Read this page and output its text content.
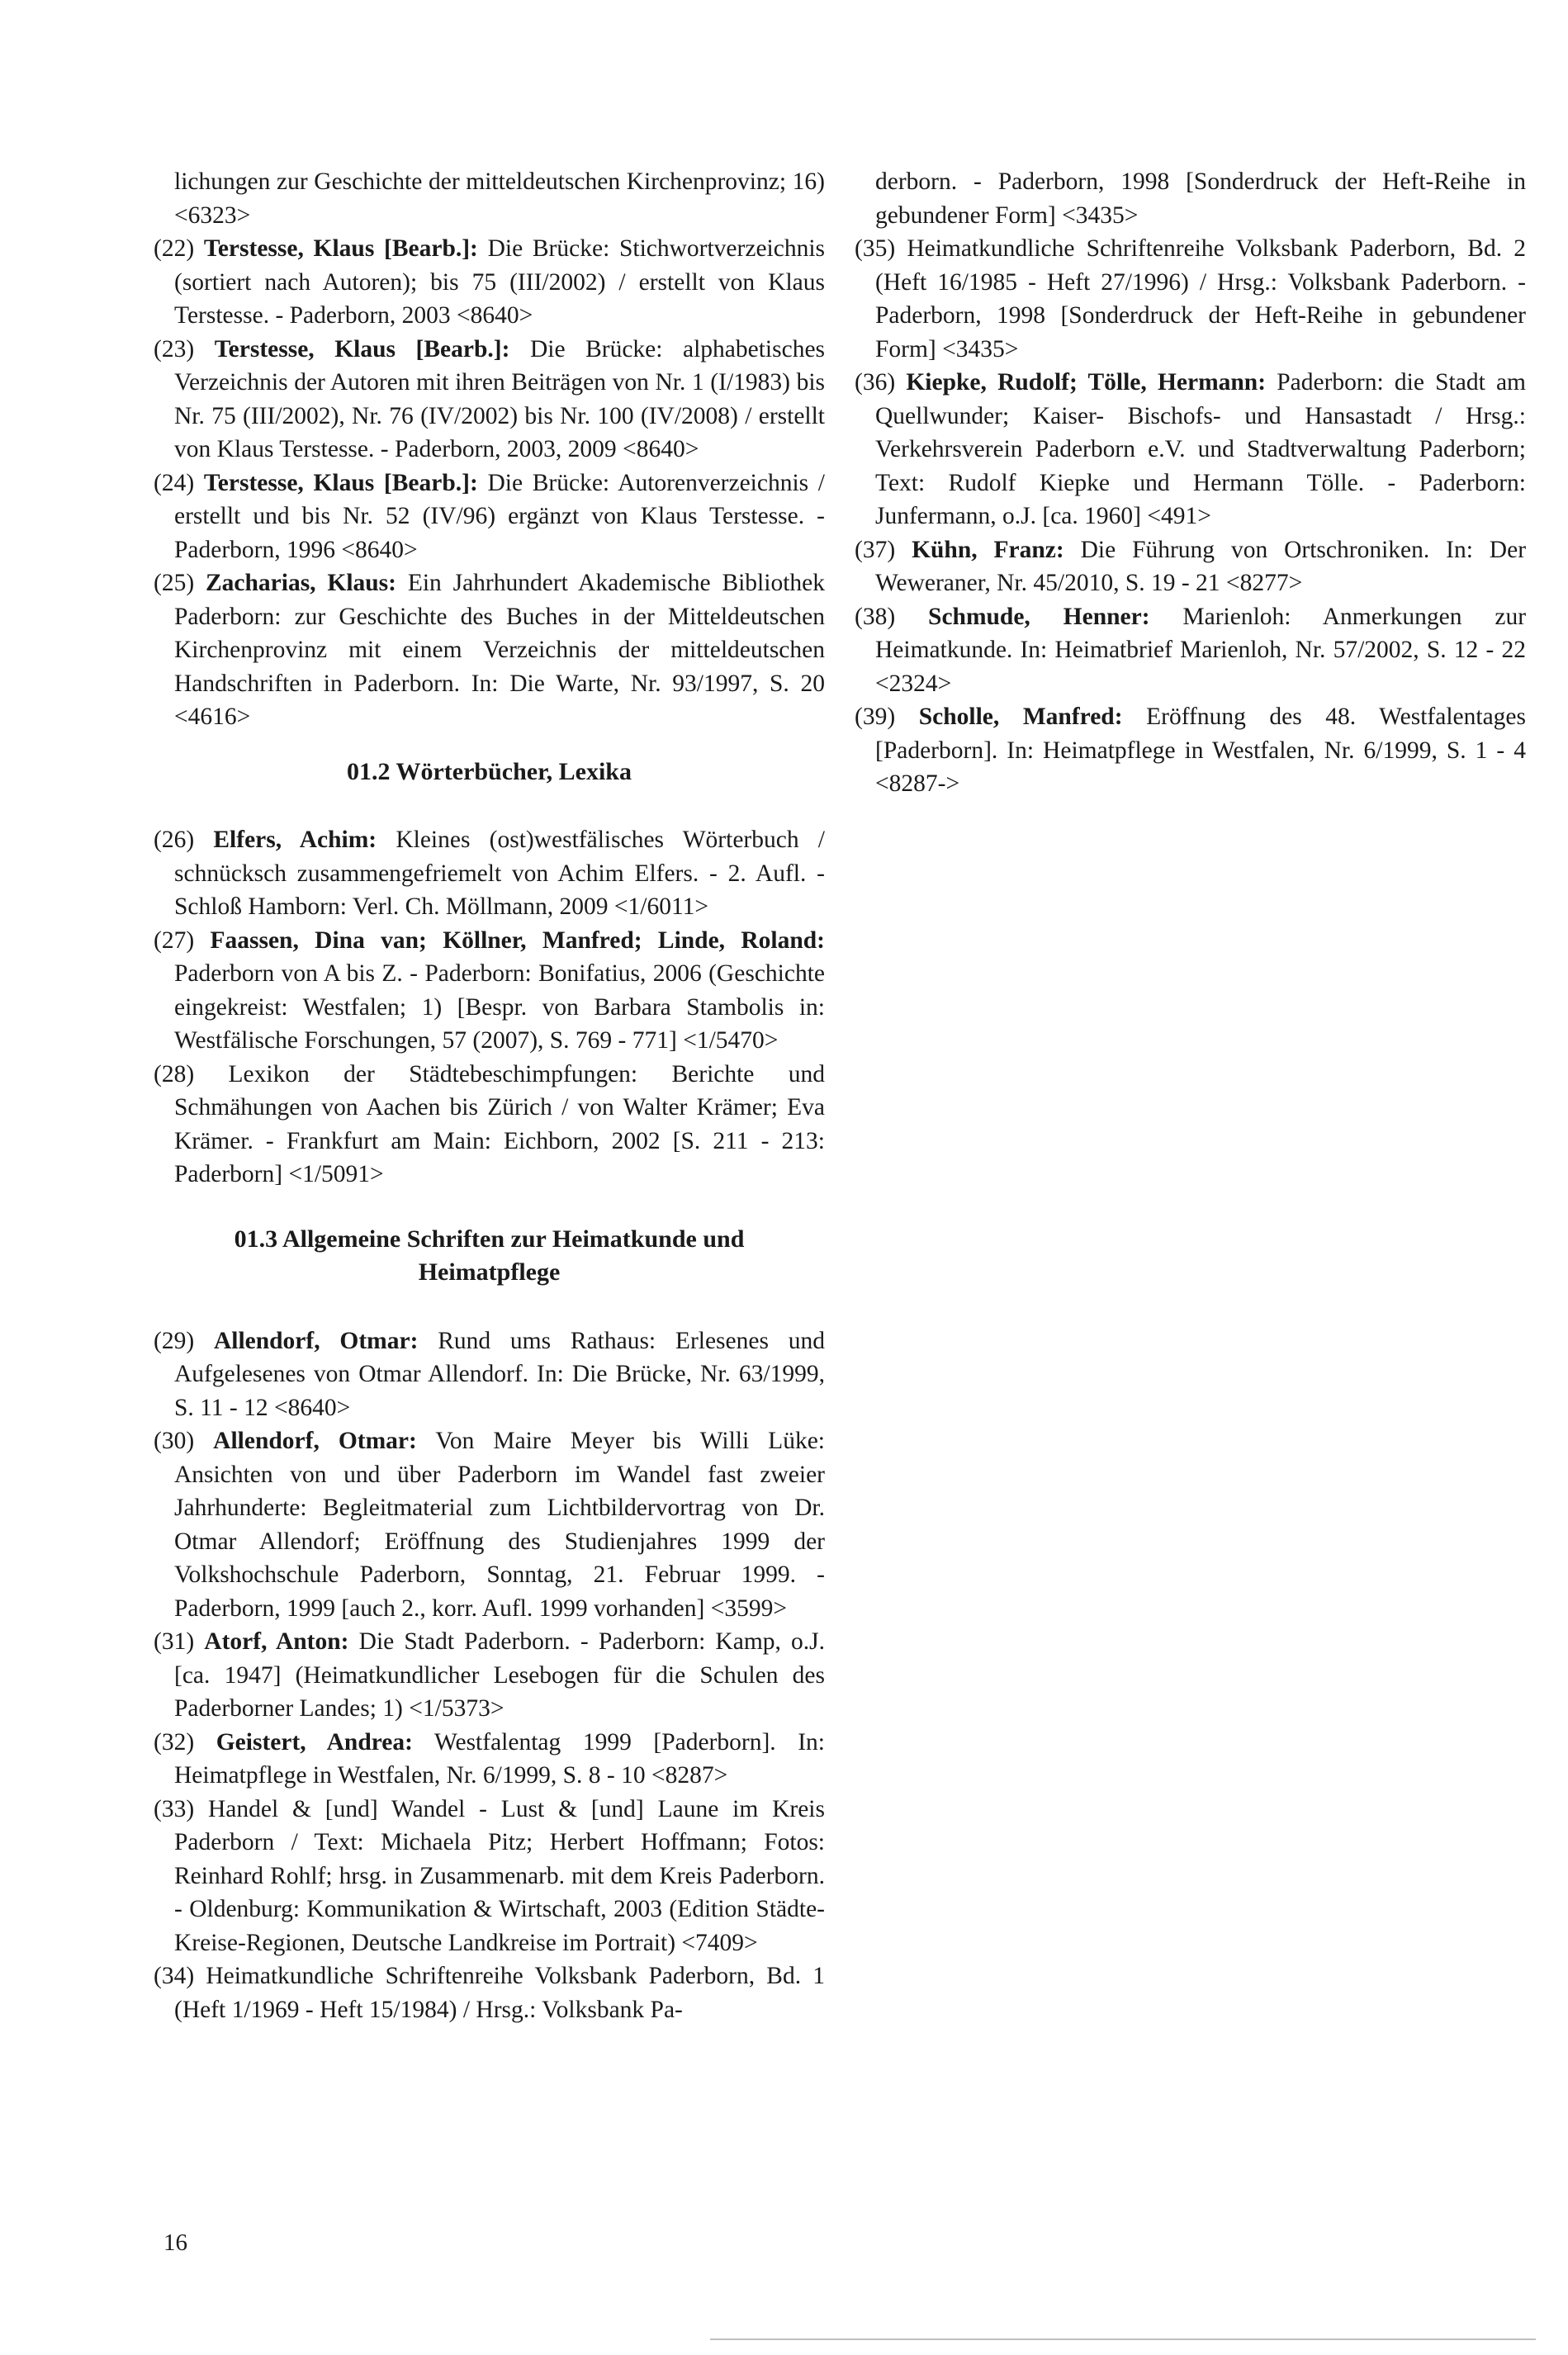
lichungen zur Geschichte der mitteldeutschen Kirchenprovinz; 16) <6323>

(22) Terstesse, Klaus [Bearb.]: Die Brücke: Stichwortverzeichnis (sortiert nach Autoren); bis 75 (III/2002) / erstellt von Klaus Terstesse. - Paderborn, 2003 <8640>

(23) Terstesse, Klaus [Bearb.]: Die Brücke: alphabetisches Verzeichnis der Autoren mit ihren Beiträgen von Nr. 1 (I/1983) bis Nr. 75 (III/2002), Nr. 76 (IV/2002) bis Nr. 100 (IV/2008) / erstellt von Klaus Terstesse. - Paderborn, 2003, 2009 <8640>

(24) Terstesse, Klaus [Bearb.]: Die Brücke: Autorenverzeichnis / erstellt und bis Nr. 52 (IV/96) ergänzt von Klaus Terstesse. - Paderborn, 1996 <8640>

(25) Zacharias, Klaus: Ein Jahrhundert Akademische Bibliothek Paderborn: zur Geschichte des Buches in der Mitteldeutschen Kirchenprovinz mit einem Verzeichnis der mitteldeutschen Handschriften in Paderborn. In: Die Warte, Nr. 93/1997, S. 20 <4616>

01.2 Wörterbücher, Lexika

(26) Elfers, Achim: Kleines (ost)westfälisches Wörterbuch / schnücksch zusammengefriemelt von Achim Elfers. - 2. Aufl. - Schloß Hamborn: Verl. Ch. Möllmann, 2009 <1/6011>

(27) Faassen, Dina van; Köllner, Manfred; Linde, Roland: Paderborn von A bis Z. - Paderborn: Bonifatius, 2006 (Geschichte eingekreist: Westfalen; 1) [Bespr. von Barbara Stambolis in: Westfälische Forschungen, 57 (2007), S. 769 - 771] <1/5470>

(28) Lexikon der Städtebeschimpfungen: Berichte und Schmähungen von Aachen bis Zürich / von Walter Krämer; Eva Krämer. - Frankfurt am Main: Eichborn, 2002 [S. 211 - 213: Paderborn] <1/5091>

01.3 Allgemeine Schriften zur Heimatkunde und
Heimatpflege

(29) Allendorf, Otmar: Rund ums Rathaus: Erlesenes und Aufgelesenes von Otmar Allendorf. In: Die Brücke, Nr. 63/1999, S. 11 - 12 <8640>

(30) Allendorf, Otmar: Von Maire Meyer bis Willi Lüke: Ansichten von und über Paderborn im Wandel fast zweier Jahrhunderte: Begleitmaterial zum Lichtbildervortrag von Dr. Otmar Allendorf; Eröffnung des Studienjahres 1999 der Volkshochschule Paderborn, Sonntag, 21. Februar 1999. - Paderborn, 1999 [auch 2., korr. Aufl. 1999 vorhanden] <3599>

(31) Atorf, Anton: Die Stadt Paderborn. - Paderborn: Kamp, o.J. [ca. 1947] (Heimatkundlicher Lesebogen für die Schulen des Paderborner Landes; 1) <1/5373>

(32) Geistert, Andrea: Westfalentag 1999 [Paderborn]. In: Heimatpflege in Westfalen, Nr. 6/1999, S. 8 - 10 <8287>

(33) Handel & [und] Wandel - Lust & [und] Laune im Kreis Paderborn / Text: Michaela Pitz; Herbert Hoffmann; Fotos: Reinhard Rohlf; hrsg. in Zusammenarb. mit dem Kreis Paderborn. - Oldenburg: Kommunikation & Wirtschaft, 2003 (Edition Städte-Kreise-Regionen, Deutsche Landkreise im Portrait) <7409>

(34) Heimatkundliche Schriftenreihe Volksbank Paderborn, Bd. 1 (Heft 1/1969 - Heft 15/1984) / Hrsg.: Volksbank Pa-

derborn. - Paderborn, 1998 [Sonderdruck der Heft-Reihe in gebundener Form] <3435>

(35) Heimatkundliche Schriftenreihe Volksbank Paderborn, Bd. 2 (Heft 16/1985 - Heft 27/1996) / Hrsg.: Volksbank Paderborn. - Paderborn, 1998 [Sonderdruck der Heft-Reihe in gebundener Form] <3435>

(36) Kiepke, Rudolf; Tölle, Hermann: Paderborn: die Stadt am Quellwunder; Kaiser- Bischofs- und Hansastadt / Hrsg.: Verkehrsverein Paderborn e.V. und Stadtverwaltung Paderborn; Text: Rudolf Kiepke und Hermann Tölle. - Paderborn: Junfermann, o.J. [ca. 1960] <491>

(37) Kühn, Franz: Die Führung von Ortschroniken. In: Der Weweraner, Nr. 45/2010, S. 19 - 21 <8277>

(38) Schmude, Henner: Marienloh: Anmerkungen zur Heimatkunde. In: Heimatbrief Marienloh, Nr. 57/2002, S. 12 - 22 <2324>

(39) Scholle, Manfred: Eröffnung des 48. Westfalentages [Paderborn]. In: Heimatpflege in Westfalen, Nr. 6/1999, S. 1 - 4 <8287->

16
